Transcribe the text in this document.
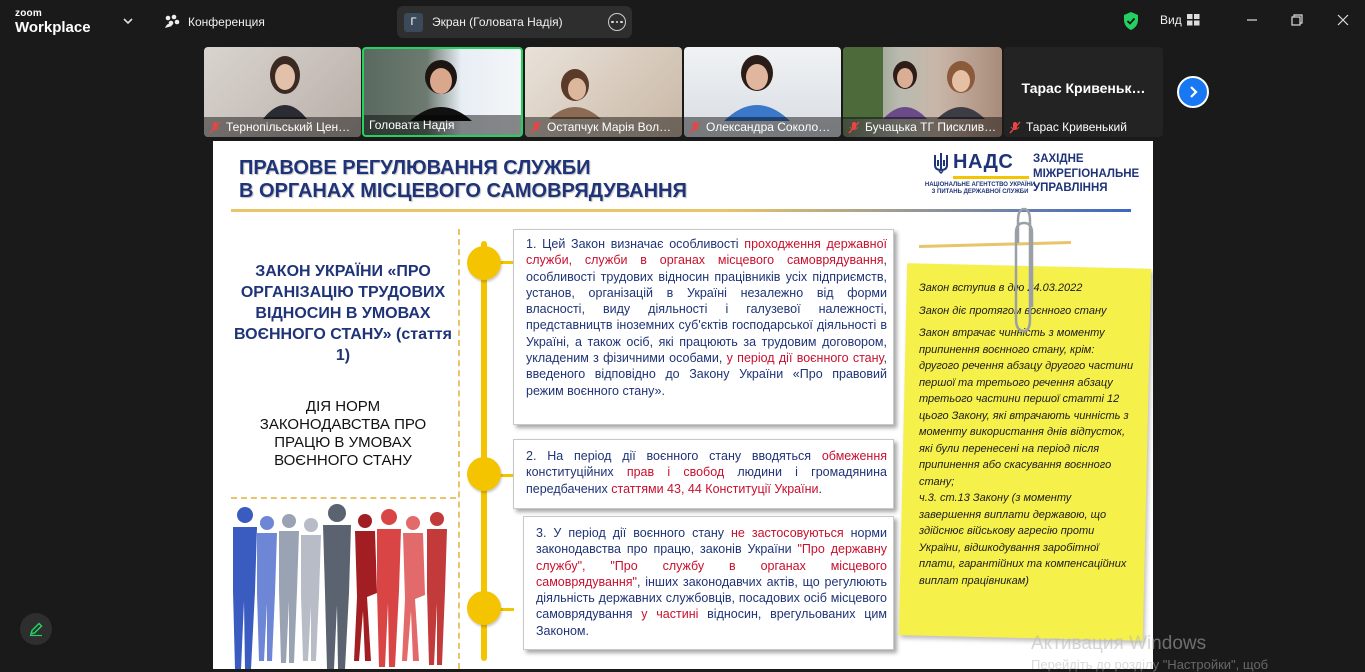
zoom
Workplace	Конференция	Г	Экран (Головата Надія)	Вид
Тернопільський Цен… Головата Надія	Остапчук Марія Вол…	Олександра Соколо…	Бучацька ТГ Писклив…
Тарас Кривеньк…
Тарас Кривенький
ПРАВОВЕ РЕГУЛЮВАННЯ СЛУЖБИ
В ОРГАНАХ МІСЦЕВОГО САМОВРЯДУВАННЯ
НАДС
НАЦІОНАЛЬНЕ АГЕНТСТВО УКРАЇНИ
З ПИТАНЬ ДЕРЖАВНОЇ СЛУЖБИ
ЗАХІДНЕ
МІЖРЕГІОНАЛЬНЕ
УПРАВЛІННЯ
ЗАКОН УКРАЇНИ «ПРО ОРГАНІЗАЦІЮ ТРУДОВИХ ВІДНОСИН В УМОВАХ ВОЄННОГО СТАНУ» (стаття 1)
ДІЯ НОРМ ЗАКОНОДАВСТВА ПРО ПРАЦЮ В УМОВАХ ВОЄННОГО СТАНУ
1. Цей Закон визначає особливості проходження державної служби, служби в органах місцевого самоврядування, особливості трудових відносин працівників усіх підприємств, установ, організацій в Україні незалежно від форми власності, виду діяльності і галузевої належності, представництв іноземних суб'єктів господарської діяльності в Україні, а також осіб, які працюють за трудовим договором, укладеним з фізичними особами, у період дії воєнного стану, введеного відповідно до Закону України «Про правовий режим воєнного стану».
2. На період дії воєнного стану вводяться обмеження конституційних прав і свобод людини і громадянина передбачених статтями 43, 44 Конституції України.
3. У період дії воєнного стану не застосовуються норми законодавства про працю, законів України "Про державну службу", "Про службу в органах місцевого самоврядування", інших законодавчих актів, що регулюють діяльність державних службовців, посадових осіб місцевого самоврядування у частині відносин, врегульованих цим Законом.

Закон вступив в дію 24.03.2022

Закон діє протягом воєнного стану

Закон втрачає чинність з моменту припинення воєнного стану, крім: другого речення абзацу другого частини першої та третього речення абзацу третього частини першої статті 12 цього Закону, які втрачають чинність з моменту використання днів відпусток, які були перенесені на період після припинення або скасування воєнного стану;

ч.3. ст.13 Закону (з моменту завершення виплати державою, що здійснює військову агресію проти України, відшкодування заробітної плати, гарантійних та компенсаційних виплат працівникам)

Активация Windows
Перейдіть до розділу "Настройки", щоб
